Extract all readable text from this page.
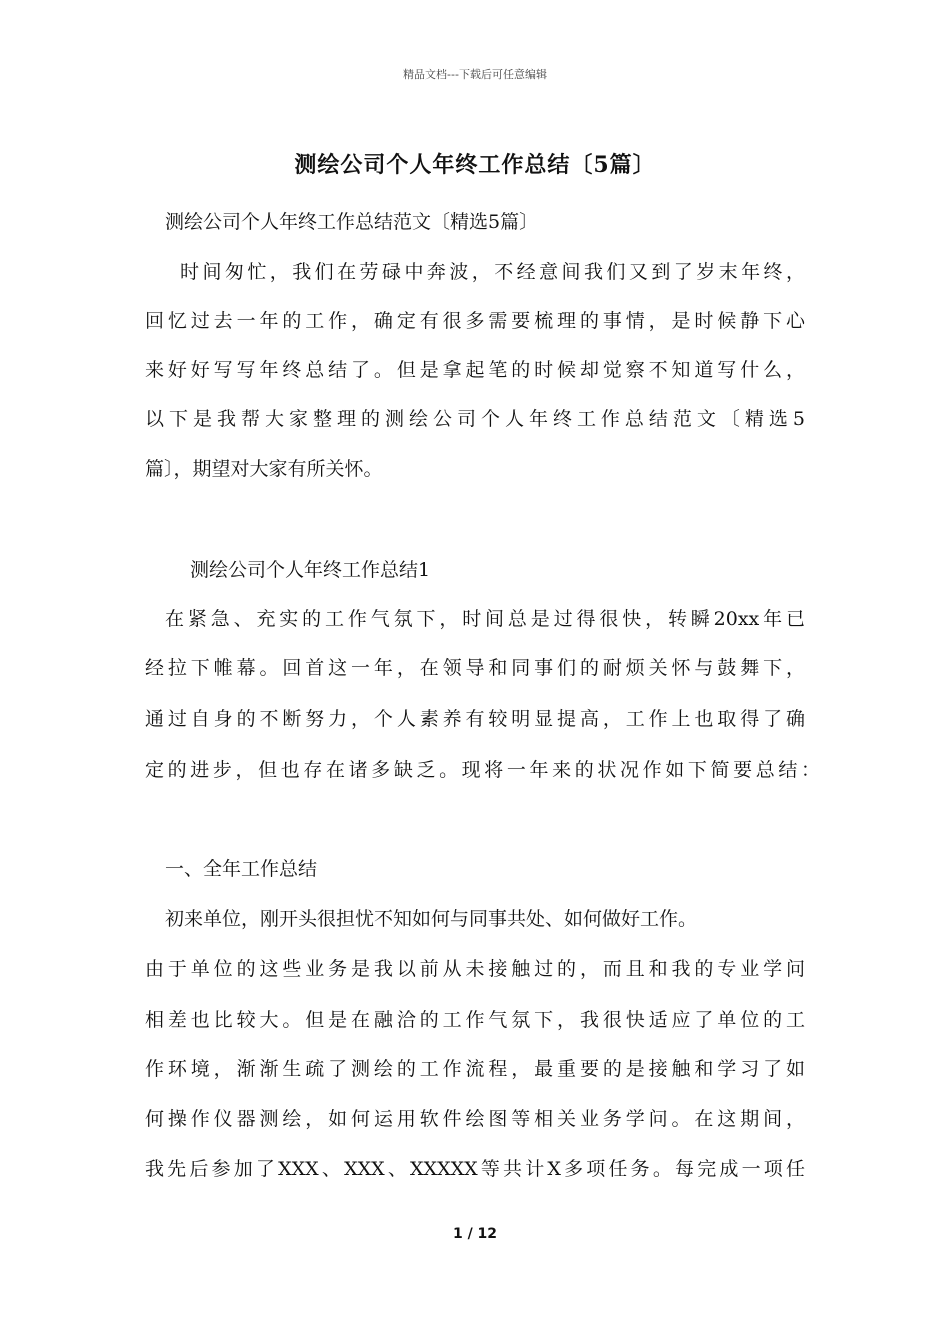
精品文档---下载后可任意编辑
测绘公司个人年终工作总结〔5篇〕
测绘公司个人年终工作总结范文〔精选5篇〕
时间匆忙，我们在劳碌中奔波，不经意间我们又到了岁末年终，
回忆过去一年的工作，确定有很多需要梳理的事情，是时候静下心
来好好写写年终总结了。但是拿起笔的时候却觉察不知道写什么，
以下是我帮大家整理的测绘公司个人年终工作总结范文〔精选5
篇〕，期望对大家有所关怀。
测绘公司个人年终工作总结1
在紧急、充实的工作气氛下，时间总是过得很快，转瞬20xx年已
经拉下帷幕。回首这一年，在领导和同事们的耐烦关怀与鼓舞下，
通过自身的不断努力，个人素养有较明显提高，工作上也取得了确
定的进步，但也存在诸多缺乏。现将一年来的状况作如下简要总结：
一、全年工作总结
初来单位，刚开头很担忧不知如何与同事共处、如何做好工作。
由于单位的这些业务是我以前从未接触过的，而且和我的专业学问
相差也比较大。但是在融洽的工作气氛下，我很快适应了单位的工
作环境，渐渐生疏了测绘的工作流程，最重要的是接触和学习了如
何操作仪器测绘，如何运用软件绘图等相关业务学问。在这期间，
我先后参加了XXX、XXX、XXXXX等共计X多项任务。每完成一项任
1 / 12
